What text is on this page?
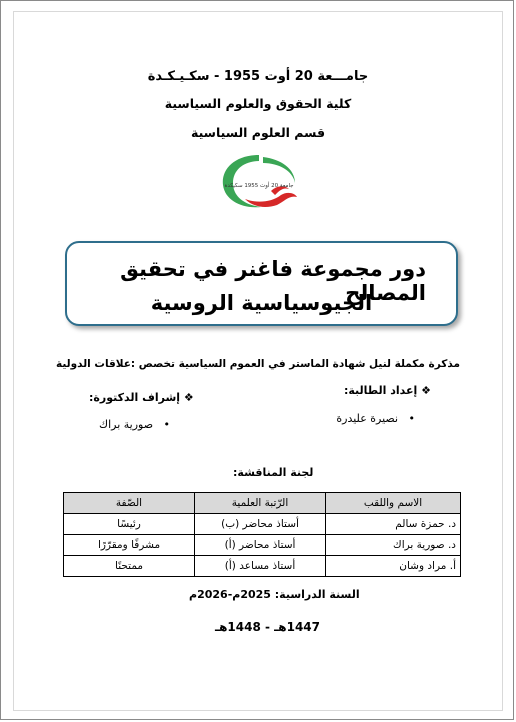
جامـــعة 20 أوت 1955 - سكـيـكـدة
كلية الحقوق والعلوم السياسية
قسم العلوم السياسية
جامعة 20 أوت 1955 سكيكدة
دور مجموعة فاغنر في تحقيق المصالح
الجيوسياسية الروسية
مذكرة مكملة لنيل شهادة الماستر في العموم السياسية تخصص :علاقات الدولية
❖ إعداد الطالبة:
•   نصيرة عليدرة
❖ إشراف الدكتورة:
•   صورية براك
لجنة المناقشة:
الاسم واللقب	الرّتبة العلمية	الصّفة
د. حمزة سالم	أستاذ محاضر (ب)	رئيسًا
د. صورية براك	أستاذ محاضر (أ)	مشرفًا ومقرّرًا
أ. مراد وشان	أستاذ مساعد (أ)	ممتحنًا
السنة الدراسية: 2025م-2026م
1447هـ - 1448هـ
